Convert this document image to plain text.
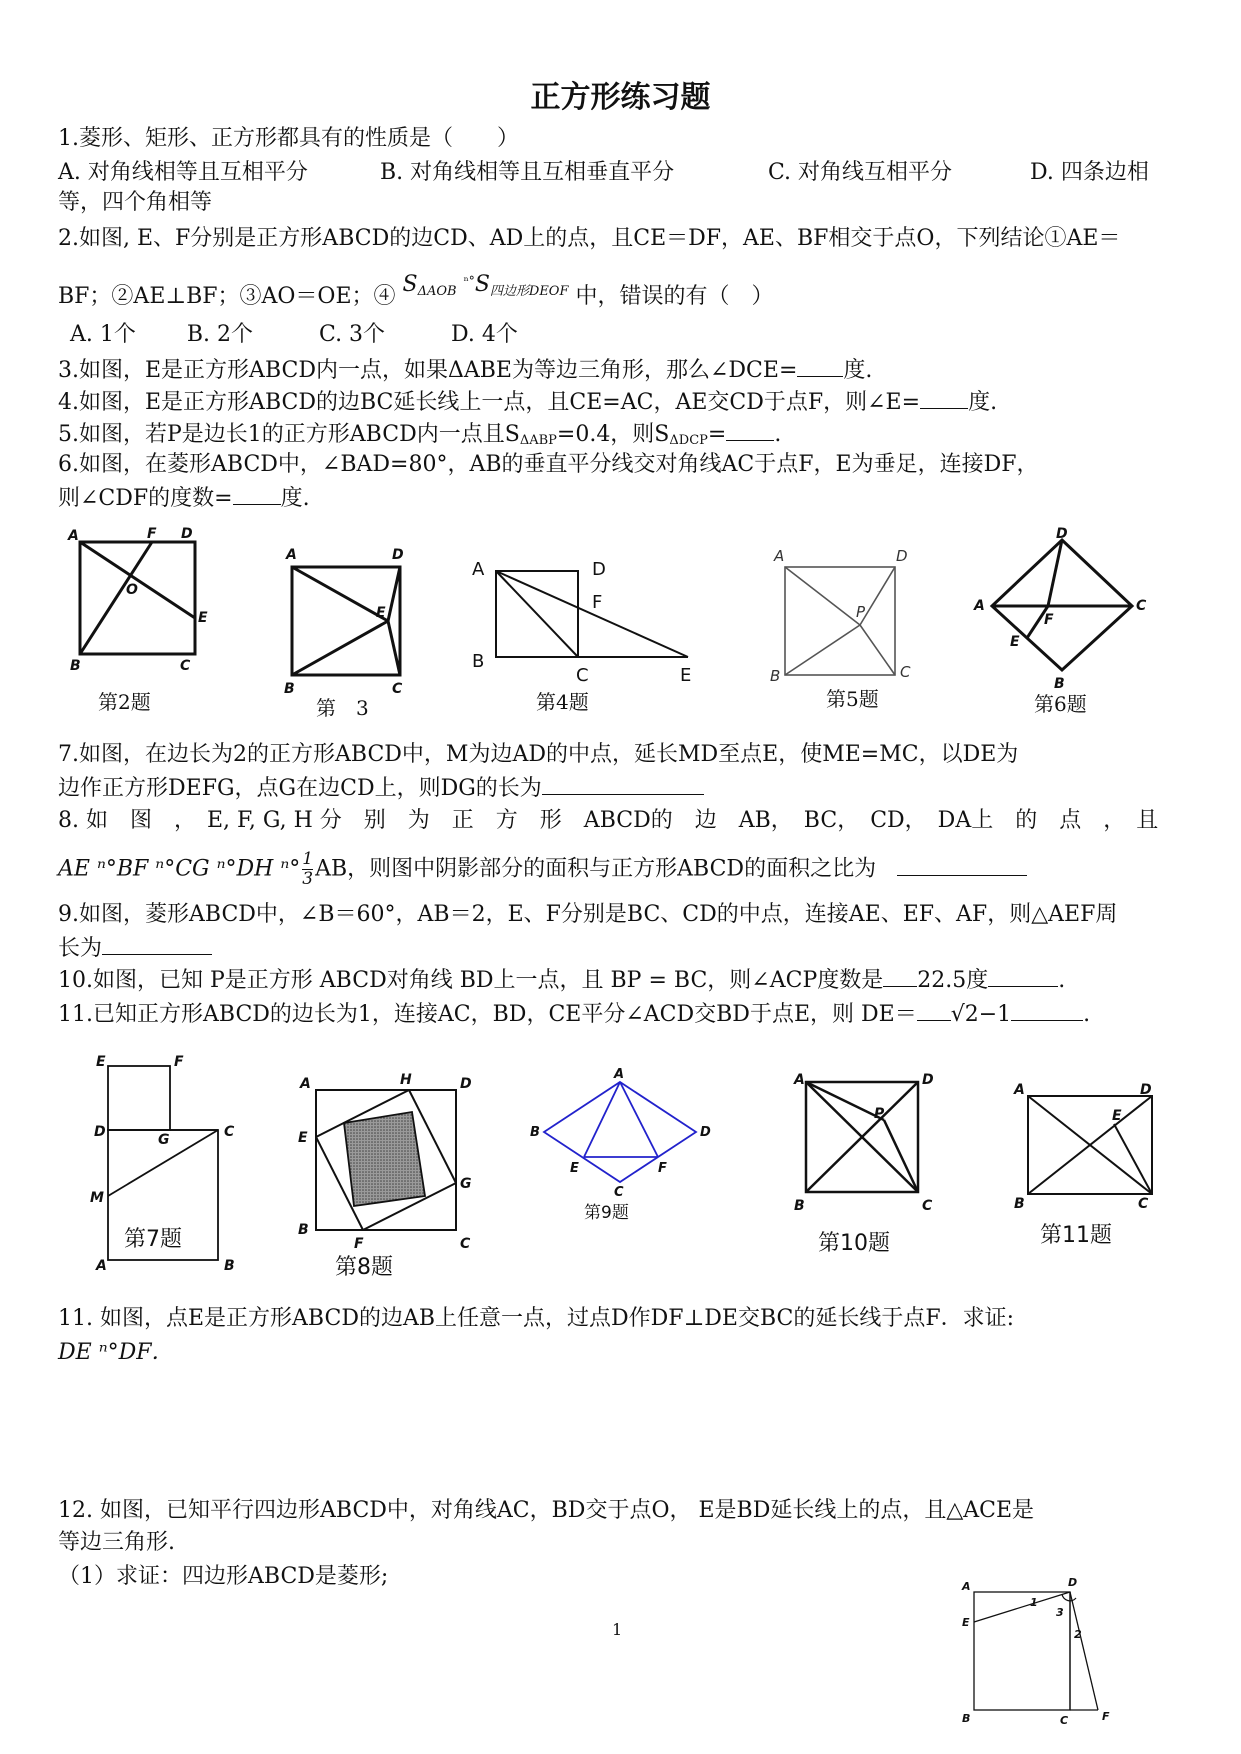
正方形练习题
1.菱形、矩形、正方形都具有的性质是（　　）
A. 对角线相等且互相平分	B. 对角线相等且互相垂直平分	C. 对角线互相平分	D. 四条边相
等，四个角相等
2.如图, E、F分别是正方形ABCD的边CD、AD上的点，且CE＝DF，AE、BF相交于点O，下列结论①AE＝
BF；②AE⊥BF；③AO＝OE；④ $S_{\Delta AOB}$ $^{^n^\circ}S_{四边形DEOF}$ 中，错误的有（　）
A. 1个　　 B. 2个　　　C. 3个　　　D. 4个
3.如图，E是正方形ABCD内一点，如果ΔABE为等边三角形，那么∠DCE= 度.
4.如图，E是正方形ABCD的边BC延长线上一点，且CE=AC，AE交CD于点F，则∠E= 度.
5.如图，若P是边长1的正方形ABCD内一点且SΔABP=0.4，则SΔDCP= .
6.如图，在菱形ABCD中，∠BAD=80°，AB的垂直平分线交对角线AC于点F，E为垂足，连接DF，
则∠CDF的度数= 度.
A	F D
O
E
B	C
第2题
A	D
E
B	C
第　3
A	D
F
B
C	E
第4题
A	D
P
B	C
第5题
D
A	C
F
E
B
第6题
7.如图，在边长为2的正方形ABCD中，M为边AD的中点，延长MD至点E，使ME=MC，以DE为
边作正方形DEFG，点G在边CD上，则DG的长为
8. 如　图　，　E, F, G, H 分　别　为　正　方　形　ABCD的　边　AB，　BC，　CD，　DA上　的　点　，　且
AE ⁿ°BF ⁿ°CG ⁿ°DH $^n^\circ \frac{1}{3}$ AB，则图中阴影部分的面积与正方形ABCD的面积之比为
9.如图，菱形ABCD中，∠B＝60°，AB＝2，E、F分别是BC、CD的中点，连接AE、EF、AF，则△AEF周
长为
10.如图，已知 P是正方形 ABCD对角线 BD上一点，且 BP = BC，则∠ACP度数是 22.5度	.
11.已知正方形ABCD的边长为1，连接AC，BD，CE平分∠ACD交BD于点E，则 DE＝ √2−1	.
E	F
D	G	C
M
A	B
第7题
A	H	D
E
G
B
F	C
第8题
A
B	D
E	F
C
第9题
A	D
P
B	C
第10题
A	D
E
B	C
第11题
11. 如图，点E是正方形ABCD的边AB上任意一点，过点D作DF⊥DE交BC的延长线于点F．求证:
DE ⁿ°DF．
12. 如图，已知平行四边形ABCD中，对角线AC，BD交于点O， E是BD延长线上的点，且△ACE是
等边三角形.
（1）求证：四边形ABCD是菱形;
1
A	D
E
1
3
2
B	C	F
